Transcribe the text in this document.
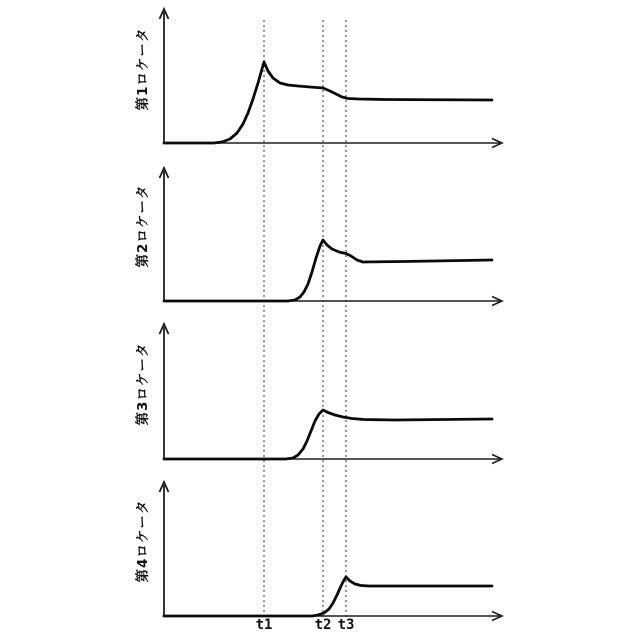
第1ロケータ
第2ロケータ
第3ロケータ
第4ロケータ
t1	t2 t3
